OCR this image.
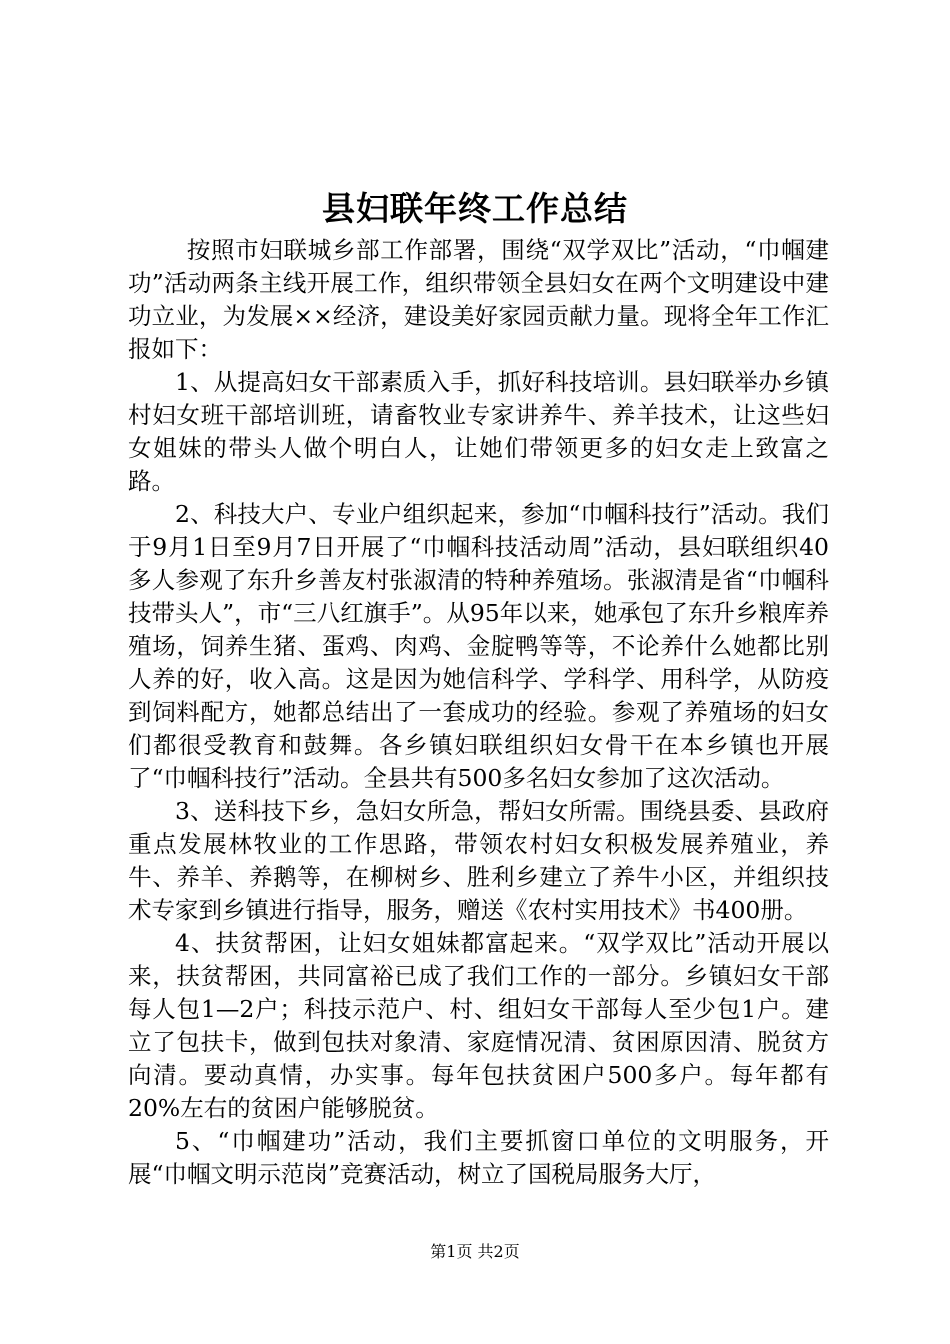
县妇联年终工作总结

按照市妇联城乡部工作部署，围绕“双学双比”活动，“巾帼建功”活动两条主线开展工作，组织带领全县妇女在两个文明建设中建功立业，为发展××经济，建设美好家园贡献力量。现将全年工作汇报如下：

1、从提高妇女干部素质入手，抓好科技培训。县妇联举办乡镇村妇女班干部培训班，请畜牧业专家讲养牛、养羊技术，让这些妇女姐妹的带头人做个明白人，让她们带领更多的妇女走上致富之路。

2、科技大户、专业户组织起来，参加“巾帼科技行”活动。我们于9月1日至9月7日开展了“巾帼科技活动周”活动，县妇联组织40多人参观了东升乡善友村张淑清的特种养殖场。张淑清是省“巾帼科技带头人”，市“三八红旗手”。从95年以来，她承包了东升乡粮库养殖场，饲养生猪、蛋鸡、肉鸡、金腚鸭等等，不论养什么她都比别人养的好，收入高。这是因为她信科学、学科学、用科学，从防疫到饲料配方，她都总结出了一套成功的经验。参观了养殖场的妇女们都很受教育和鼓舞。各乡镇妇联组织妇女骨干在本乡镇也开展了“巾帼科技行”活动。全县共有500多名妇女参加了这次活动。

3、送科技下乡，急妇女所急，帮妇女所需。围绕县委、县政府重点发展林牧业的工作思路，带领农村妇女积极发展养殖业，养牛、养羊、养鹅等，在柳树乡、胜利乡建立了养牛小区，并组织技术专家到乡镇进行指导，服务，赠送《农村实用技术》书400册。

4、扶贫帮困，让妇女姐妹都富起来。“双学双比”活动开展以来，扶贫帮困，共同富裕已成了我们工作的一部分。乡镇妇女干部每人包1—2户；科技示范户、村、组妇女干部每人至少包1户。建立了包扶卡，做到包扶对象清、家庭情况清、贫困原因清、脱贫方向清。要动真情，办实事。每年包扶贫困户500多户。每年都有20%左右的贫困户能够脱贫。

5、“巾帼建功”活动，我们主要抓窗口单位的文明服务，开展“巾帼文明示范岗”竞赛活动，树立了国税局服务大厅，

第1页 共2页
